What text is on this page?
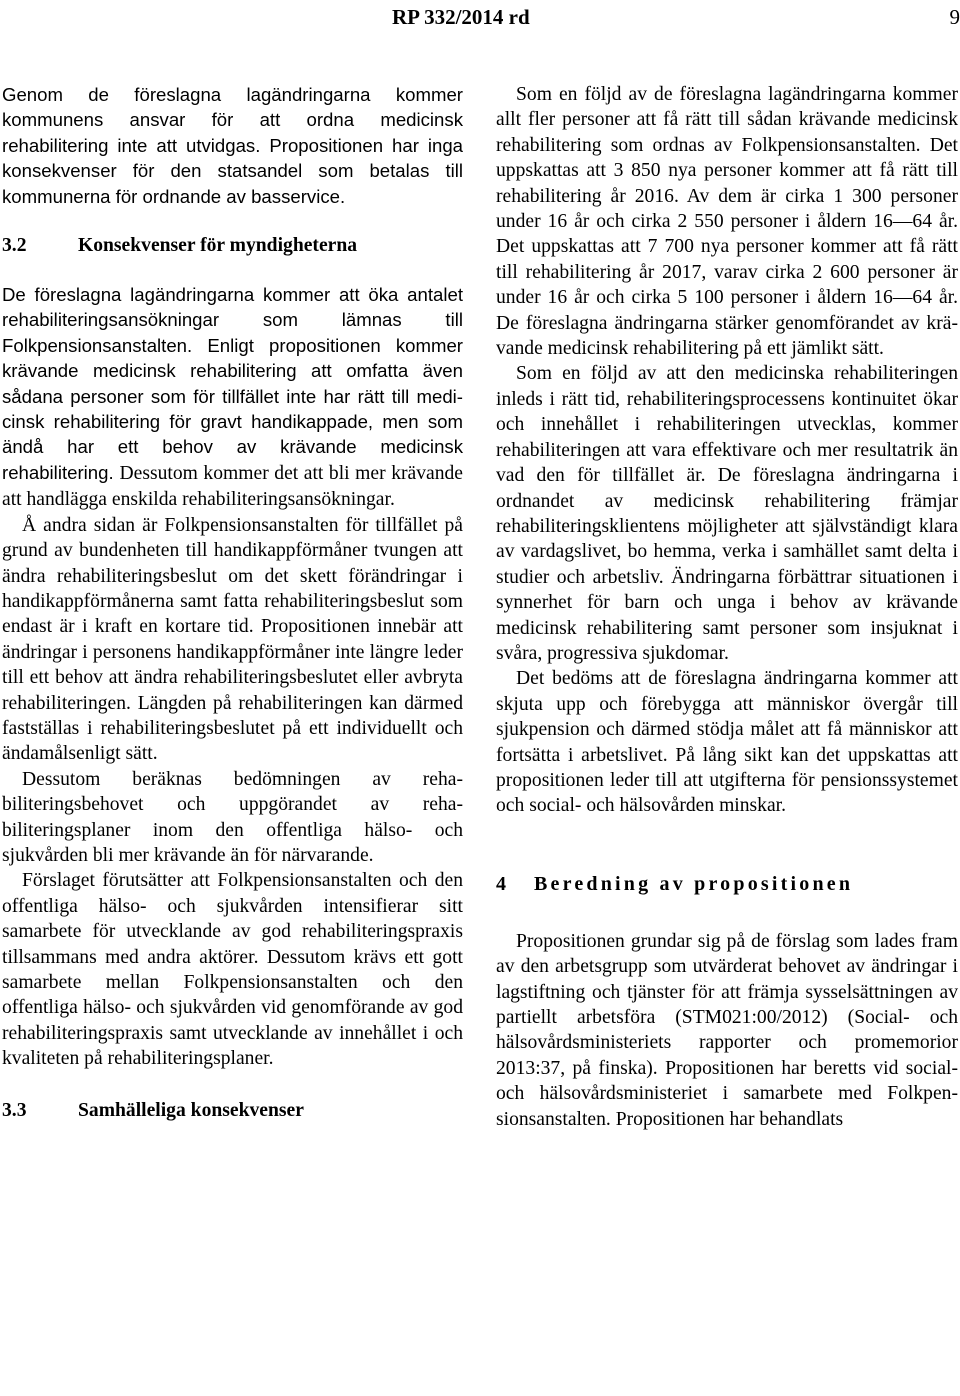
RP 332/2014 rd	9

Genom de föreslagna lagändringarna kommer kommunens ansvar för att ordna medicinsk rehabilitering inte att utvidgas. Propositionen har inga konsekvenser för den statsandel som betalas till kommunerna för ordnande av basservice.

3.2	Konsekvenser för myndigheterna

De föreslagna lagändringarna kommer att öka antalet rehabiliteringsansökningar som lämnas till Folkpensionsanstalten. Enligt propositionen kommer krävande medicinsk rehabilitering att omfatta även sådana personer som för tillfället inte har rätt till medicinsk rehabilitering för gravt handikappade, men som ändå har ett behov av krävande medicinsk rehabilitering. Dessutom kommer det att bli mer krävande att handlägga enskilda rehabiliteringsansökningar.

Å andra sidan är Folkpensionsanstalten för tillfället på grund av bundenheten till handikappförmåner tvungen att ändra rehabiliteringsbeslut om det skett förändringar i handikappförmånerna samt fatta rehabiliteringsbeslut som endast är i kraft en kortare tid. Propositionen innebär att ändringar i personens handikappförmåner inte längre leder till ett behov att ändra rehabiliteringsbeslutet eller avbryta rehabiliteringen. Längden på rehabiliteringen kan därmed fastställas i rehabiliteringsbeslutet på ett individuellt och ändamålsenligt sätt.

Dessutom beräknas bedömningen av rehabiliteringsbehovet och uppgörandet av rehabiliteringsplaner inom den offentliga hälso- och sjukvården bli mer krävande än för närvarande.

Förslaget förutsätter att Folkpensionsanstalten och den offentliga hälso- och sjukvården intensifierar sitt samarbete för utvecklande av god rehabiliteringspraxis tillsammans med andra aktörer. Dessutom krävs ett gott samarbete mellan Folkpensionsanstalten och den offentliga hälso- och sjukvården vid genomförande av god rehabiliteringspraxis samt utvecklande av innehållet i och kvaliteten på rehabiliteringsplaner.

3.3	Samhälleliga konsekvenser

Som en följd av de föreslagna lagändringarna kommer allt fler personer att få rätt till sådan krävande medicinsk rehabilitering som ordnas av Folkpensionsanstalten. Det uppskattas att 3 850 nya personer kommer att få rätt till rehabilitering år 2016. Av dem är cirka 1 300 personer under 16 år och cirka 2 550 personer i åldern 16—64 år. Det uppskattas att 7 700 nya personer kommer att få rätt till rehabilitering år 2017, varav cirka 2 600 personer är under 16 år och cirka 5 100 personer i åldern 16—64 år. De föreslagna ändringarna stärker genomförandet av krävande medicinsk rehabilitering på ett jämlikt sätt.

Som en följd av att den medicinska rehabiliteringen inleds i rätt tid, rehabiliteringsprocessens kontinuitet ökar och innehållet i rehabiliteringen utvecklas, kommer rehabiliteringen att vara effektivare och mer resultatrik än vad den för tillfället är. De föreslagna ändringarna i ordnandet av medicinsk rehabilitering främjar rehabiliteringsklientens möjligheter att självständigt klara av vardagslivet, bo hemma, verka i samhället samt delta i studier och arbetsliv. Ändringarna förbättrar situationen i synnerhet för barn och unga i behov av krävande medicinsk rehabilitering samt personer som insjuknat i svåra, progressiva sjukdomar.

Det bedöms att de föreslagna ändringarna kommer att skjuta upp och förebygga att människor övergår till sjukpension och därmed stödja målet att få människor att fortsätta i arbetslivet. På lång sikt kan det uppskattas att propositionen leder till att utgifterna för pensionssystemet och social- och hälsovården minskar.

4 Beredning av propositionen

Propositionen grundar sig på de förslag som lades fram av den arbetsgrupp som utvärderat behovet av ändringar i lagstiftning och tjänster för att främja sysselsättningen av partiellt arbetsföra (STM021:00/2012) (Social- och hälsovårdsministeriets rapporter och promemorior 2013:37, på finska). Propositionen har beretts vid social- och hälsovårdsministeriet i samarbete med Folkpensionsanstalten. Propositionen har behandlats
